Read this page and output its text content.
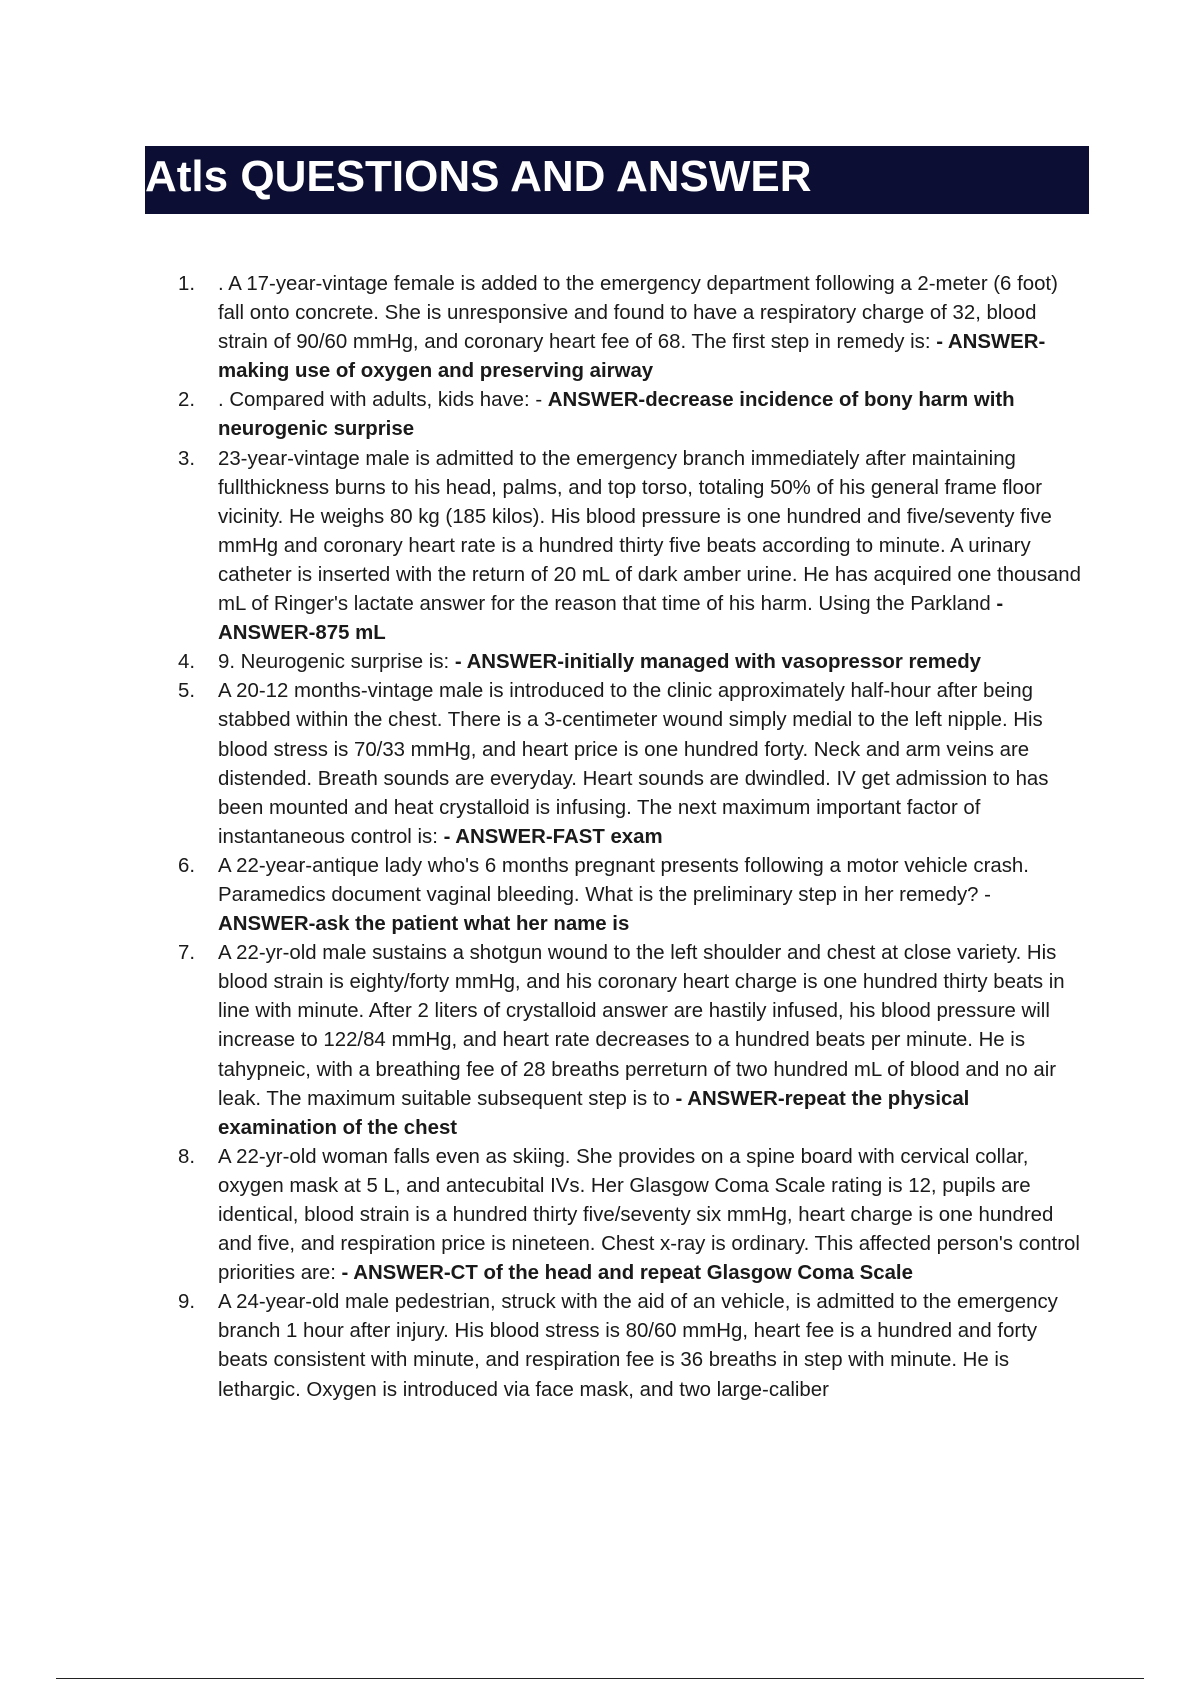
Atls QUESTIONS AND ANSWER
1.	. A 17-year-vintage female is added to the emergency department following a 2-meter (6 foot) fall onto concrete. She is unresponsive and found to have a respiratory charge of 32, blood strain of 90/60 mmHg, and coronary heart fee of 68. The first step in remedy is: - ANSWER-making use of oxygen and preserving airway
2.	. Compared with adults, kids have: - ANSWER-decrease incidence of bony harm with neurogenic surprise
3.	23-year-vintage male is admitted to the emergency branch immediately after maintaining fullthickness burns to his head, palms, and top torso, totaling 50% of his general frame floor vicinity. He weighs 80 kg (185 kilos). His blood pressure is one hundred and five/seventy five mmHg and coronary heart rate is a hundred thirty five beats according to minute. A urinary catheter is inserted with the return of 20 mL of dark amber urine. He has acquired one thousand mL of Ringer's lactate answer for the reason that time of his harm. Using the Parkland - ANSWER-875 mL
4.	9. Neurogenic surprise is: - ANSWER-initially managed with vasopressor remedy
5.	A 20-12 months-vintage male is introduced to the clinic approximately half-hour after being stabbed within the chest. There is a 3-centimeter wound simply medial to the left nipple. His blood stress is 70/33 mmHg, and heart price is one hundred forty. Neck and arm veins are distended. Breath sounds are everyday. Heart sounds are dwindled. IV get admission to has been mounted and heat crystalloid is infusing. The next maximum important factor of instantaneous control is: - ANSWER-FAST exam
6.	A 22-year-antique lady who's 6 months pregnant presents following a motor vehicle crash. Paramedics document vaginal bleeding. What is the preliminary step in her remedy? - ANSWER-ask the patient what her name is
7.	A 22-yr-old male sustains a shotgun wound to the left shoulder and chest at close variety. His blood strain is eighty/forty mmHg, and his coronary heart charge is one hundred thirty beats in line with minute. After 2 liters of crystalloid answer are hastily infused, his blood pressure will increase to 122/84 mmHg, and heart rate decreases to a hundred beats per minute. He is tahypneic, with a breathing fee of 28 breaths perreturn of two hundred mL of blood and no air leak. The maximum suitable subsequent step is to - ANSWER-repeat the physical examination of the chest
8.	A 22-yr-old woman falls even as skiing. She provides on a spine board with cervical collar, oxygen mask at 5 L, and antecubital IVs. Her Glasgow Coma Scale rating is 12, pupils are identical, blood strain is a hundred thirty five/seventy six mmHg, heart charge is one hundred and five, and respiration price is nineteen. Chest x-ray is ordinary. This affected person's control priorities are: - ANSWER-CT of the head and repeat Glasgow Coma Scale
9.	A 24-year-old male pedestrian, struck with the aid of an vehicle, is admitted to the emergency branch 1 hour after injury. His blood stress is 80/60 mmHg, heart fee is a hundred and forty beats consistent with minute, and respiration fee is 36 breaths in step with minute. He is lethargic. Oxygen is introduced via face mask, and two large-caliber
